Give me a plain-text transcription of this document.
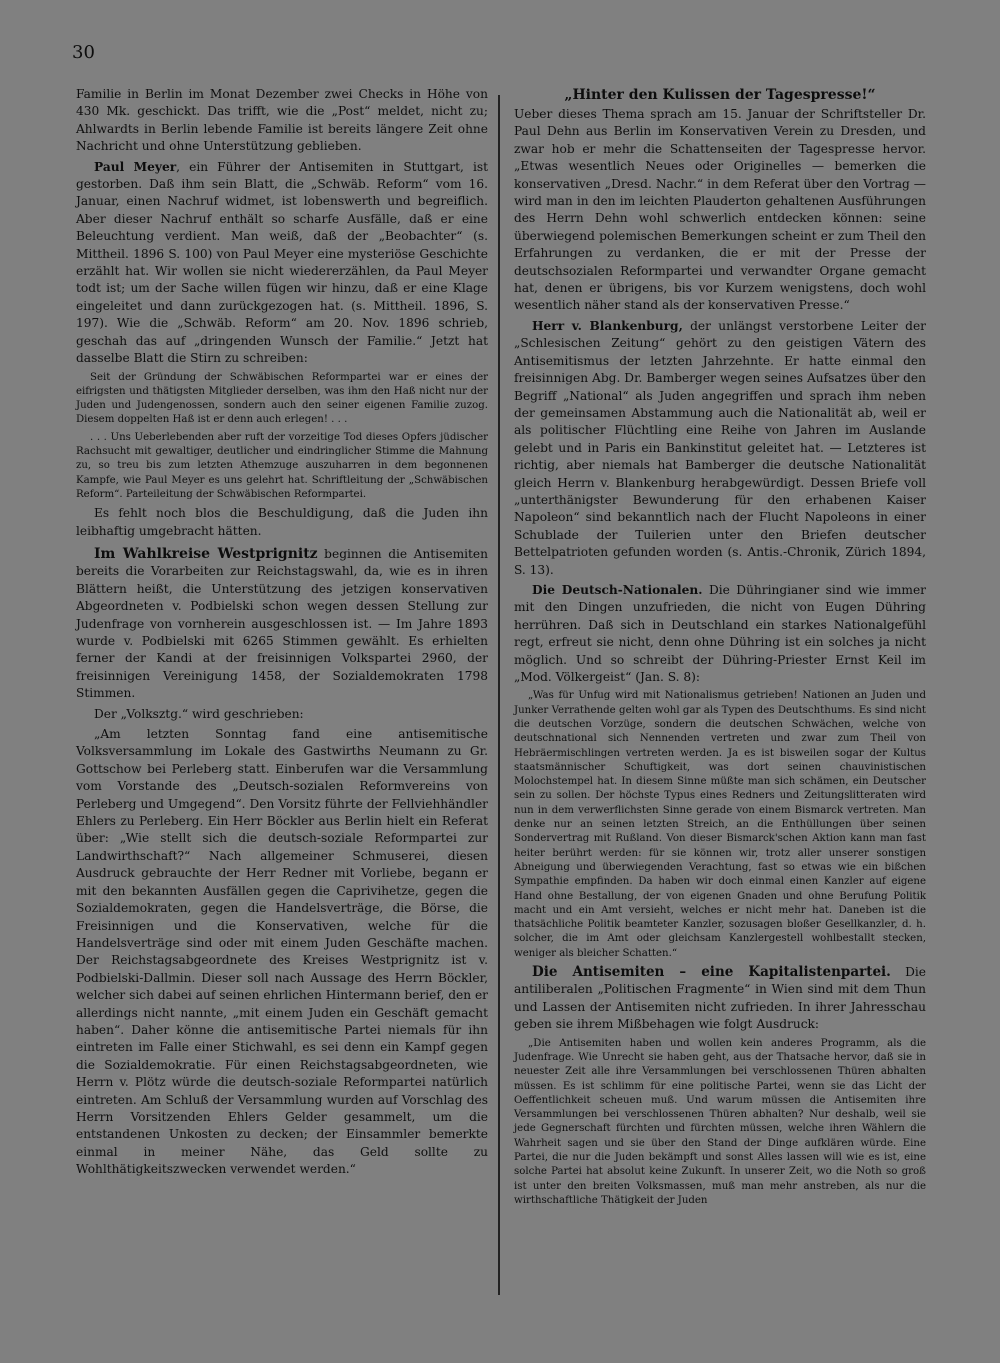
30

Familie in Berlin im Monat Dezember zwei Checks in Höhe von 430 Mk. geschickt. Das trifft, wie die „Post“ meldet, nicht zu; Ahlwardts in Berlin lebende Familie ist bereits längere Zeit ohne Nachricht und ohne Unterstützung geblieben.

Paul Meyer, ein Führer der Antisemiten in Stuttgart, ist gestorben. Daß ihm sein Blatt, die „Schwäb. Reform“ vom 16. Januar, einen Nachruf widmet, ist lobenswerth und begreiflich. Aber dieser Nachruf enthält so scharfe Ausfälle, daß er eine Beleuchtung verdient. Man weiß, daß der „Beobachter“ (s. Mittheil. 1896 S. 100) von Paul Meyer eine mysteriöse Geschichte erzählt hat. Wir wollen sie nicht wiedererzählen, da Paul Meyer todt ist; um der Sache willen fügen wir hinzu, daß er eine Klage eingeleitet und dann zurückgezogen hat. (s. Mittheil. 1896, S. 197). Wie die „Schwäb. Reform“ am 20. Nov. 1896 schrieb, geschah das auf „dringenden Wunsch der Familie.“ Jetzt hat dasselbe Blatt die Stirn zu schreiben:

Seit der Gründung der Schwäbischen Reformpartei war er eines der eifrigsten und thätigsten Mitglieder derselben, was ihm den Haß nicht nur der Juden und Judengenossen, sondern auch den seiner eigenen Familie zuzog. Diesem doppelten Haß ist er denn auch erlegen! . . .

. . . Uns Ueberlebenden aber ruft der vorzeitige Tod dieses Opfers jüdischer Rachsucht mit gewaltiger, deutlicher und eindringlicher Stimme die Mahnung zu, so treu bis zum letzten Athemzuge auszuharren in dem begonnenen Kampfe, wie Paul Meyer es uns gelehrt hat. Schriftleitung der „Schwäbischen Reform“. Parteileitung der Schwäbischen Reformpartei.

Es fehlt noch blos die Beschuldigung, daß die Juden ihn leibhaftig umgebracht hätten.

Im Wahlkreise Westprignitz beginnen die Antisemiten bereits die Vorarbeiten zur Reichstagswahl, da, wie es in ihren Blättern heißt, die Unterstützung des jetzigen konservativen Abgeordneten v. Podbielski schon wegen dessen Stellung zur Judenfrage von vornherein ausgeschlossen ist. — Im Jahre 1893 wurde v. Podbielski mit 6265 Stimmen gewählt. Es erhielten ferner der Kandi at der freisinnigen Volkspartei 2960, der freisinnigen Vereinigung 1458, der Sozialdemokraten 1798 Stimmen.

Der „Volksztg.“ wird geschrieben:

„Am letzten Sonntag fand eine antisemitische Volksversammlung im Lokale des Gastwirths Neumann zu Gr. Gottschow bei Perleberg statt. Einberufen war die Versammlung vom Vorstande des „Deutsch-sozialen Reformvereins von Perleberg und Umgegend“. Den Vorsitz führte der Fellviehhändler Ehlers zu Perleberg. Ein Herr Böckler aus Berlin hielt ein Referat über: „Wie stellt sich die deutsch-soziale Reformpartei zur Landwirthschaft?“ Nach allgemeiner Schmuserei, diesen Ausdruck gebrauchte der Herr Redner mit Vorliebe, begann er mit den bekannten Ausfällen gegen die Caprivihetze, gegen die Sozialdemokraten, gegen die Handelsverträge, die Börse, die Freisinnigen und die Konservativen, welche für die Handelsverträge sind oder mit einem Juden Geschäfte machen. Der Reichstagsabgeordnete des Kreises Westprignitz ist v. Podbielski-Dallmin. Dieser soll nach Aussage des Herrn Böckler, welcher sich dabei auf seinen ehrlichen Hintermann berief, den er allerdings nicht nannte, „mit einem Juden ein Geschäft gemacht haben“. Daher könne die antisemitische Partei niemals für ihn eintreten im Falle einer Stichwahl, es sei denn ein Kampf gegen die Sozialdemokratie. Für einen Reichstagsabgeordneten, wie Herrn v. Plötz würde die deutsch-soziale Reformpartei natürlich eintreten. Am Schluß der Versammlung wurden auf Vorschlag des Herrn Vorsitzenden Ehlers Gelder gesammelt, um die entstandenen Unkosten zu decken; der Einsammler bemerkte einmal in meiner Nähe, das Geld sollte zu Wohlthätigkeitszwecken verwendet werden.“

„Hinter den Kulissen der Tagespresse!“

Ueber dieses Thema sprach am 15. Januar der Schriftsteller Dr. Paul Dehn aus Berlin im Konservativen Verein zu Dresden, und zwar hob er mehr die Schattenseiten der Tagespresse hervor. „Etwas wesentlich Neues oder Originelles — bemerken die konservativen „Dresd. Nachr.“ in dem Referat über den Vortrag — wird man in den im leichten Plauderton gehaltenen Ausführungen des Herrn Dehn wohl schwerlich entdecken können: seine überwiegend polemischen Bemerkungen scheint er zum Theil den Erfahrungen zu verdanken, die er mit der Presse der deutschsozialen Reformpartei und verwandter Organe gemacht hat, denen er übrigens, bis vor Kurzem wenigstens, doch wohl wesentlich näher stand als der konservativen Presse.“

Herr v. Blankenburg, der unlängst verstorbene Leiter der „Schlesischen Zeitung“ gehört zu den geistigen Vätern des Antisemitismus der letzten Jahrzehnte. Er hatte einmal den freisinnigen Abg. Dr. Bamberger wegen seines Aufsatzes über den Begriff „National“ als Juden angegriffen und sprach ihm neben der gemeinsamen Abstammung auch die Nationalität ab, weil er als politischer Flüchtling eine Reihe von Jahren im Auslande gelebt und in Paris ein Bankinstitut geleitet hat. — Letzteres ist richtig, aber niemals hat Bamberger die deutsche Nationalität gleich Herrn v. Blankenburg herabgewürdigt. Dessen Briefe voll „unterthänigster Bewunderung für den erhabenen Kaiser Napoleon“ sind bekanntlich nach der Flucht Napoleons in einer Schublade der Tuilerien unter den Briefen deutscher Bettelpatrioten gefunden worden (s. Antis.-Chronik, Zürich 1894, S. 13).

Die Deutsch-Nationalen. Die Dühringianer sind wie immer mit den Dingen unzufrieden, die nicht von Eugen Dühring herrühren. Daß sich in Deutschland ein starkes Nationalgefühl regt, erfreut sie nicht, denn ohne Dühring ist ein solches ja nicht möglich. Und so schreibt der Dühring-Priester Ernst Keil im „Mod. Völkergeist“ (Jan. S. 8):

„Was für Unfug wird mit Nationalismus getrieben! Nationen an Juden und Junker Verrathende gelten wohl gar als Typen des Deutschthums. Es sind nicht die deutschen Vorzüge, sondern die deutschen Schwächen, welche von deutschnational sich Nennenden vertreten und zwar zum Theil von Hebräermischlingen vertreten werden. Ja es ist bisweilen sogar der Kultus staatsmännischer Schuftigkeit, was dort seinen chauvinistischen Molochstempel hat. In diesem Sinne müßte man sich schämen, ein Deutscher sein zu sollen. Der höchste Typus eines Redners und Zeitungslitteraten wird nun in dem verwerflichsten Sinne gerade von einem Bismarck vertreten. Man denke nur an seinen letzten Streich, an die Enthüllungen über seinen Sondervertrag mit Rußland. Von dieser Bismarck'schen Aktion kann man fast heiter berührt werden: für sie können wir, trotz aller unserer sonstigen Abneigung und überwiegenden Verachtung, fast so etwas wie ein bißchen Sympathie empfinden. Da haben wir doch einmal einen Kanzler auf eigene Hand ohne Bestallung, der von eigenen Gnaden und ohne Berufung Politik macht und ein Amt versieht, welches er nicht mehr hat. Daneben ist die thatsächliche Politik beamteter Kanzler, sozusagen bloßer Gesellkanzler, d. h. solcher, die im Amt oder gleichsam Kanzlergestell wohlbestallt stecken, weniger als bleicher Schatten.“

Die Antisemiten – eine Kapitalistenpartei. Die antiliberalen „Politischen Fragmente“ in Wien sind mit dem Thun und Lassen der Antisemiten nicht zufrieden. In ihrer Jahresschau geben sie ihrem Mißbehagen wie folgt Ausdruck:

„Die Antisemiten haben und wollen kein anderes Programm, als die Judenfrage. Wie Unrecht sie haben geht, aus der Thatsache hervor, daß sie in neuester Zeit alle ihre Versammlungen bei verschlossenen Thüren abhalten müssen. Es ist schlimm für eine politische Partei, wenn sie das Licht der Oeffentlichkeit scheuen muß. Und warum müssen die Antisemiten ihre Versammlungen bei verschlossenen Thüren abhalten? Nur deshalb, weil sie jede Gegnerschaft fürchten und fürchten müssen, welche ihren Wählern die Wahrheit sagen und sie über den Stand der Dinge aufklären würde. Eine Partei, die nur die Juden bekämpft und sonst Alles lassen will wie es ist, eine solche Partei hat absolut keine Zukunft. In unserer Zeit, wo die Noth so groß ist unter den breiten Volksmassen, muß man mehr anstreben, als nur die wirthschaftliche Thätigkeit der Juden
